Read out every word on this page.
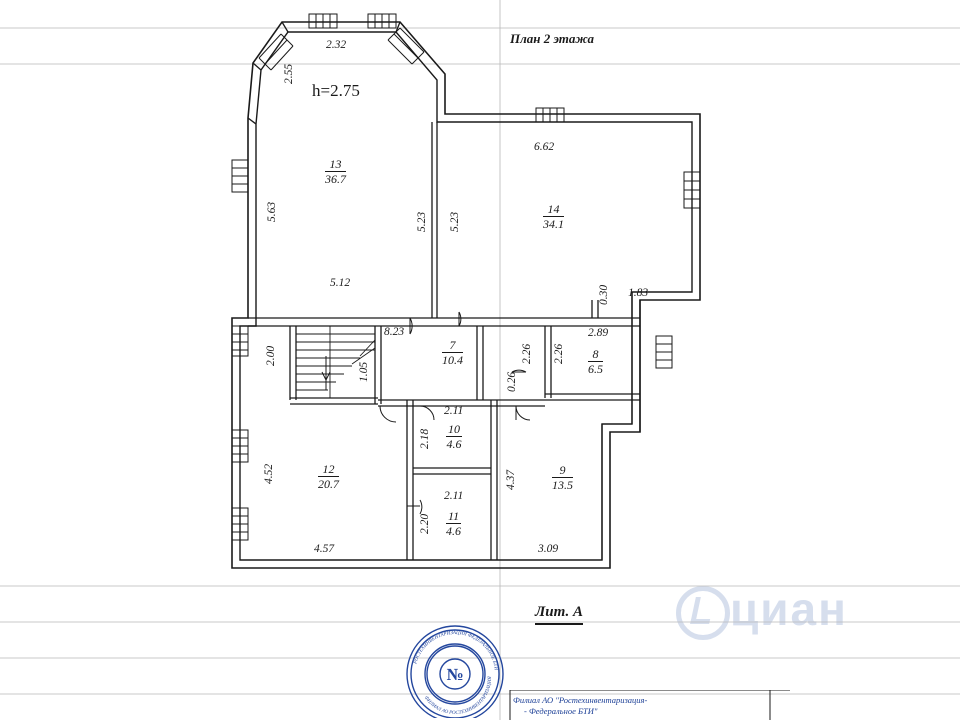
циан
План 2 этажа
h=2.75
Лит. А
13
36.7
14
34.1
7
10.4	8
6.5
10
4.6
11
4.6
12
20.7
9
13.5
2.32
6.62
5.12
1.83
2.89
8.23
2.11
2.11
4.57	3.09
2.55
5.63	5.23 5.23
0.30
2.00
1.05
2.26 2.26
0.26
2.18
2.20
4.52	4.37
РОСТЕХИНВЕНТАРИЗАЦИЯ ФЕДЕРАЛЬНОЕ БТИ
ФИЛИАЛ АО РОСТЕХИНВЕНТАРИЗАЦИЯ
№
Филиал АО "Ростехинвентаризация-
- Федеральное БТИ"
